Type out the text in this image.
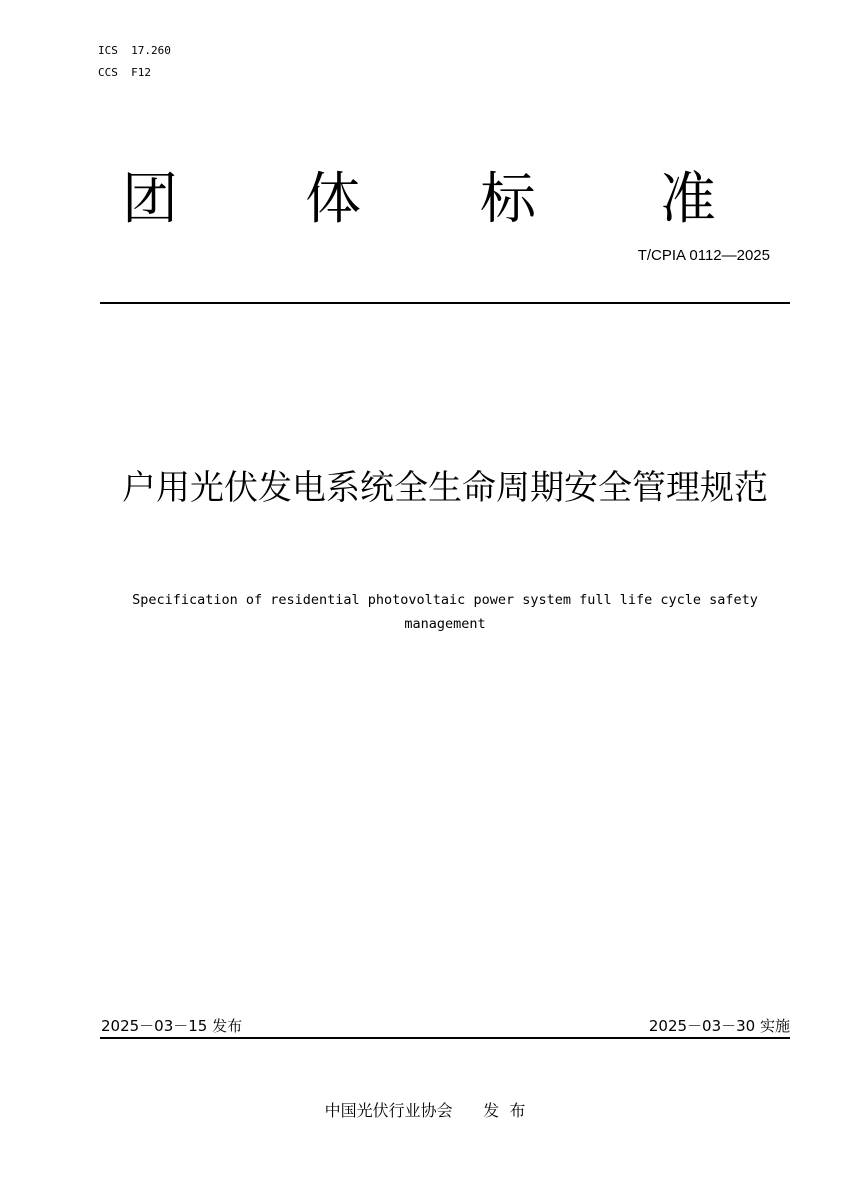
ICS  17.260
CCS  F12
团 体 标 准
T/CPIA 0112—2025
户用光伏发电系统全生命周期安全管理规范
Specification of residential photovoltaic power system full life cycle safety management
2025－03－15 发布	2025－03－30 实施
中国光伏行业协会 发  布
